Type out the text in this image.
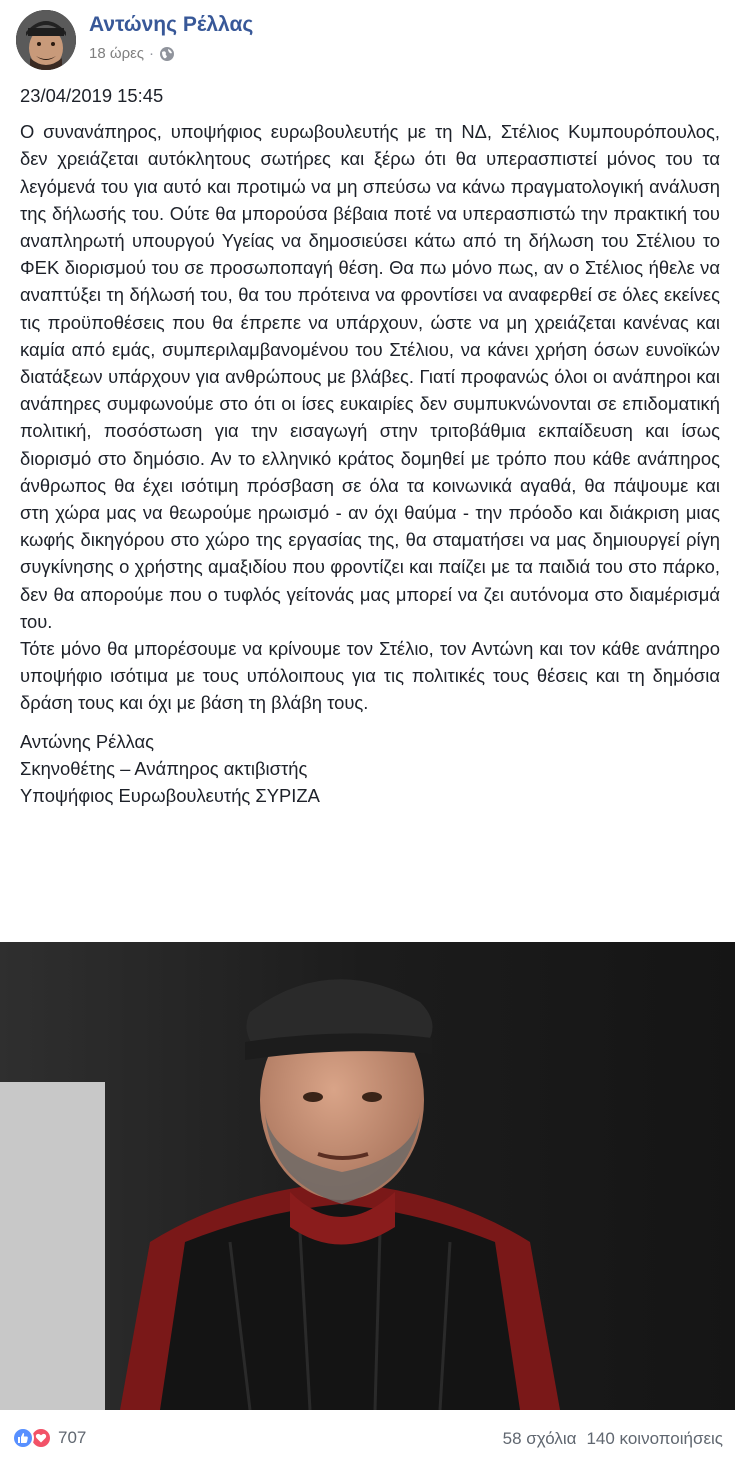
Αντώνης Ρέλλας
18 ώρες ·

23/04/2019 15:45

Ο συνανάπηρος, υποψήφιος ευρωβουλευτής με τη ΝΔ, Στέλιος Κυμπουρόπουλος, δεν χρειάζεται αυτόκλητους σωτήρες και ξέρω ότι θα υπερασπιστεί μόνος του τα λεγόμενά του για αυτό και προτιμώ να μη σπεύσω να κάνω πραγματολογική ανάλυση της δήλωσής του. Ούτε θα μπορούσα βέβαια ποτέ να υπερασπιστώ την πρακτική του αναπληρωτή υπουργού Υγείας να δημοσιεύσει κάτω από τη δήλωση του Στέλιου το ΦΕΚ διορισμού του σε προσωποπαγή θέση. Θα πω μόνο πως, αν ο Στέλιος ήθελε να αναπτύξει τη δήλωσή του, θα του πρότεινα να φροντίσει να αναφερθεί σε όλες εκείνες τις προϋποθέσεις που θα έπρεπε να υπάρχουν, ώστε να μη χρειάζεται κανένας και καμία από εμάς, συμπεριλαμβανομένου του Στέλιου, να κάνει χρήση όσων ευνοϊκών διατάξεων υπάρχουν για ανθρώπους με βλάβες. Γιατί προφανώς όλοι οι ανάπηροι και ανάπηρες συμφωνούμε στο ότι οι ίσες ευκαιρίες δεν συμπυκνώνονται σε επιδοματική πολιτική, ποσόστωση για την εισαγωγή στην τριτοβάθμια εκπαίδευση και ίσως διορισμό στο δημόσιο. Αν το ελληνικό κράτος δομηθεί με τρόπο που κάθε ανάπηρος άνθρωπος θα έχει ισότιμη πρόσβαση σε όλα τα κοινωνικά αγαθά, θα πάψουμε και στη χώρα μας να θεωρούμε ηρωισμό - αν όχι θαύμα - την πρόοδο και διάκριση μιας κωφής δικηγόρου στο χώρο της εργασίας της, θα σταματήσει να μας δημιουργεί ρίγη συγκίνησης ο χρήστης αμαξιδίου που φροντίζει και παίζει με τα παιδιά του στο πάρκο, δεν θα απορούμε που ο τυφλός γείτονάς μας μπορεί να ζει αυτόνομα στο διαμέρισμά του.

Τότε μόνο θα μπορέσουμε να κρίνουμε τον Στέλιο, τον Αντώνη και τον κάθε ανάπηρο υποψήφιο ισότιμα με τους υπόλοιπους για τις πολιτικές τους θέσεις και τη δημόσια δράση τους και όχι με βάση τη βλάβη τους.

Αντώνης Ρέλλας

Σκηνοθέτης – Ανάπηρος ακτιβιστής

Υποψήφιος Ευρωβουλευτής ΣΥΡΙΖΑ

707	58 σχόλια 140 κοινοποιήσεις
